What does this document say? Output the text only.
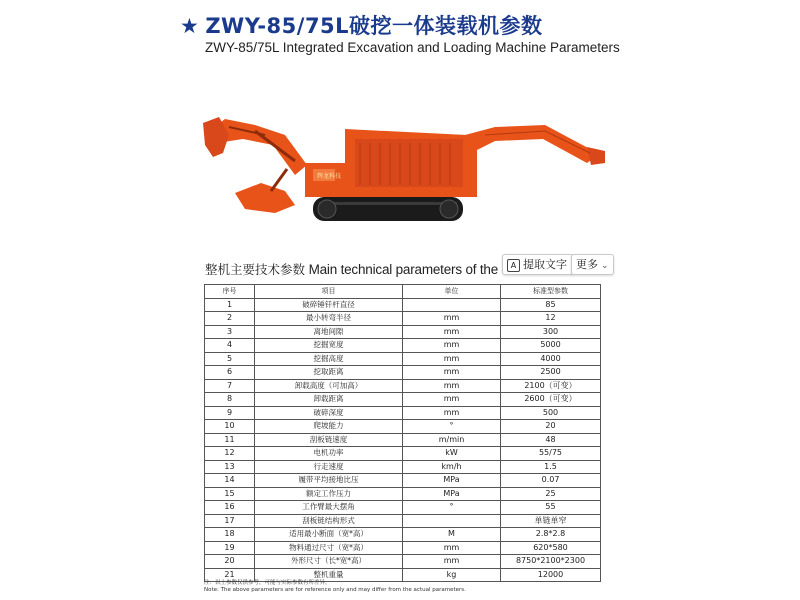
★ ZWY-85/75L破挖一体装载机参数
ZWY-85/75L Integrated Excavation and Loading Machine Parameters
辉龙科技
整机主要技术参数 Main technical parameters of the	A 提取文字 更多 ⌄
序号	项目	单位	标准型参数
1	破碎锤钎杆直径		85
2	最小转弯半径	mm	12
3	离地间隙	mm	300
4	挖掘宽度	mm	5000
5	挖掘高度	mm	4000
6	挖取距离	mm	2500
7	卸载高度（可加高）	mm	2100（可变）
8	卸载距离	mm	2600（可变）
9	破碎深度	mm	500
10	爬坡能力	°	20
11	刮板链速度	m/min	48
12	电机功率	kW	55/75
13	行走速度	km/h	1.5
14	履带平均接地比压	MPa	0.07
15	额定工作压力	MPa	25
16	工作臂最大摆角	°	55
17	刮板链结构形式		单链单窄
18	适用最小断面（宽*高）	M	2.8*2.8
19	物料通过尺寸（宽*高）	mm	620*580
20	外形尺寸（长*宽*高）	mm	8750*2100*2300
21	整机重量	kg	12000
注：以上参数仅供参考，可能与实际参数有所差异。
Note: The above parameters are for reference only and may differ from the actual parameters.
